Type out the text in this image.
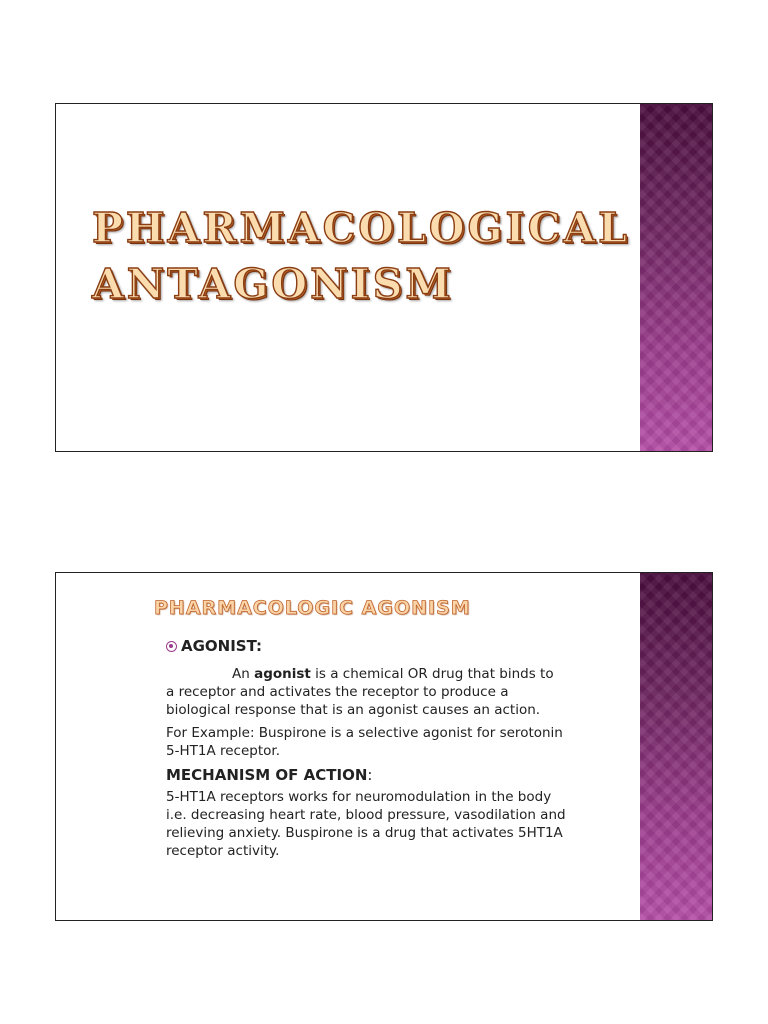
PHARMACOLOGICAL
ANTAGONISM
PHARMACOLOGIC AGONISM
AGONIST:

An agonist is a chemical OR drug that binds to a receptor and activates the receptor to produce a biological response that is an agonist causes an action.

For Example: Buspirone is a selective agonist for serotonin 5-HT1A receptor.

MECHANISM OF ACTION:

5-HT1A receptors works for neuromodulation in the body i.e. decreasing heart rate, blood pressure, vasodilation and relieving anxiety. Buspirone is a drug that activates 5HT1A receptor activity.
